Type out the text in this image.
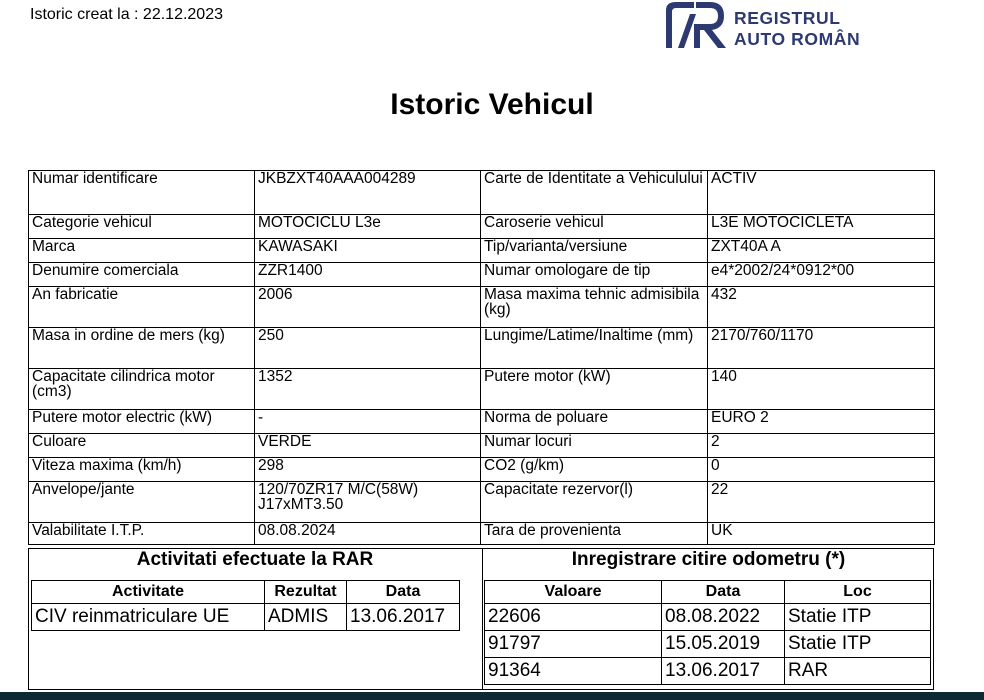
Istoric creat la : 22.12.2023	REGISTRUL
AUTO ROMÂN
Istoric Vehicul
Numar identificare	JKBZXT40AAA004289	Carte de Identitate a Vehiculului	ACTIV
Categorie vehicul	MOTOCICLU L3e	Caroserie vehicul	L3E MOTOCICLETA
Marca	KAWASAKI	Tip/varianta/versiune	ZXT40A A
Denumire comerciala	ZZR1400	Numar omologare de tip	e4*2002/24*0912*00
An fabricatie	2006	Masa maxima tehnic admisibila (kg)	432
Masa in ordine de mers (kg)	250	Lungime/Latime/Inaltime (mm)	2170/760/1170
Capacitate cilindrica motor (cm3)	1352	Putere motor (kW)	140
Putere motor electric (kW)	-	Norma de poluare	EURO 2
Culoare	VERDE	Numar locuri	2
Viteza maxima (km/h)	298	CO2 (g/km)	0
Anvelope/jante	120/70ZR17 M/C(58W) J17xMT3.50	Capacitate rezervor(l)	22
Valabilitate I.T.P.	08.08.2024	Tara de provenienta	UK
Activitati efectuate la RAR	Inregistrare citire odometru (*)
Activitate	Rezultat	Data
CIV reinmatriculare UE	ADMIS	13.06.2017
Valoare	Data	Loc
22606	08.08.2022	Statie ITP
91797	15.05.2019	Statie ITP
91364	13.06.2017	RAR
